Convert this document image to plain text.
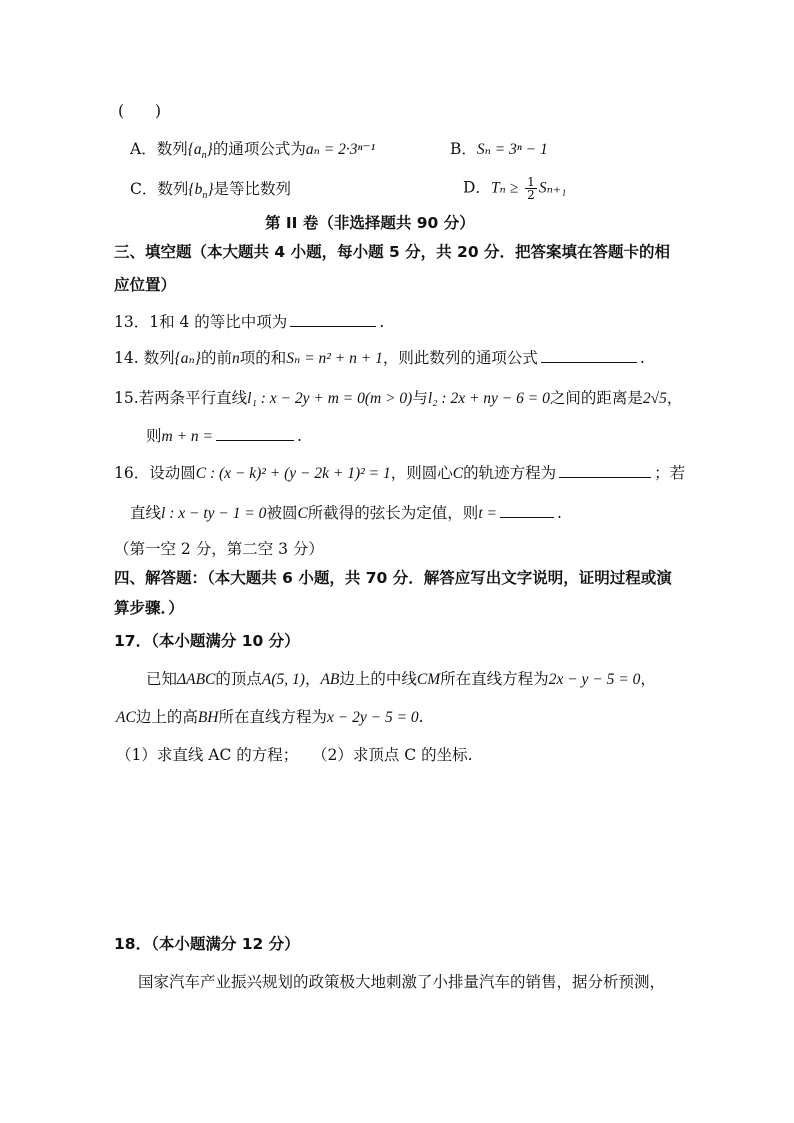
(　　)
A．数列$\{a_n\}$的通项公式为aₙ = 2·3ⁿ⁻¹	B．Sₙ = 3ⁿ − 1
C．数列$\{b_n\}$是等比数列	D．$T_n \ge \frac{1}{2} S_{n+1}$
第 II 卷（非选择题共 90 分）
三、填空题（本大题共 4 小题，每小题 5 分，共 20 分．把答案填在答题卡的相
应位置）
13．1和 4 的等比中项为	.
14. 数列{aₙ}的前n项的和Sₙ = n² + n + 1，则此数列的通项公式	.
15.若两条平行直线l₁ : x − 2y + m = 0(m > 0)与l₂ : 2x + ny − 6 = 0之间的距离是2√5，
则m + n =	.
16．设动圆C : (x − k)² + (y − 2k + 1)² = 1，则圆心C的轨迹方程为	；若
直线l : x − ty − 1 = 0被圆C所截得的弦长为定值，则t =	.
（第一空 2 分，第二空 3 分）
四、解答题：（本大题共 6 小题，共 70 分．解答应写出文字说明，证明过程或演
算步骤．）
17．（本小题满分 10 分）
已知ΔABC的顶点A(5, 1)，AB边上的中线CM所在直线方程为2x − y − 5 = 0，
AC边上的高BH所在直线方程为x − 2y − 5 = 0.
（1）求直线 AC 的方程； （2）求顶点 C 的坐标.
18．（本小题满分 12 分）
国家汽车产业振兴规划的政策极大地刺激了小排量汽车的销售，据分析预测，
